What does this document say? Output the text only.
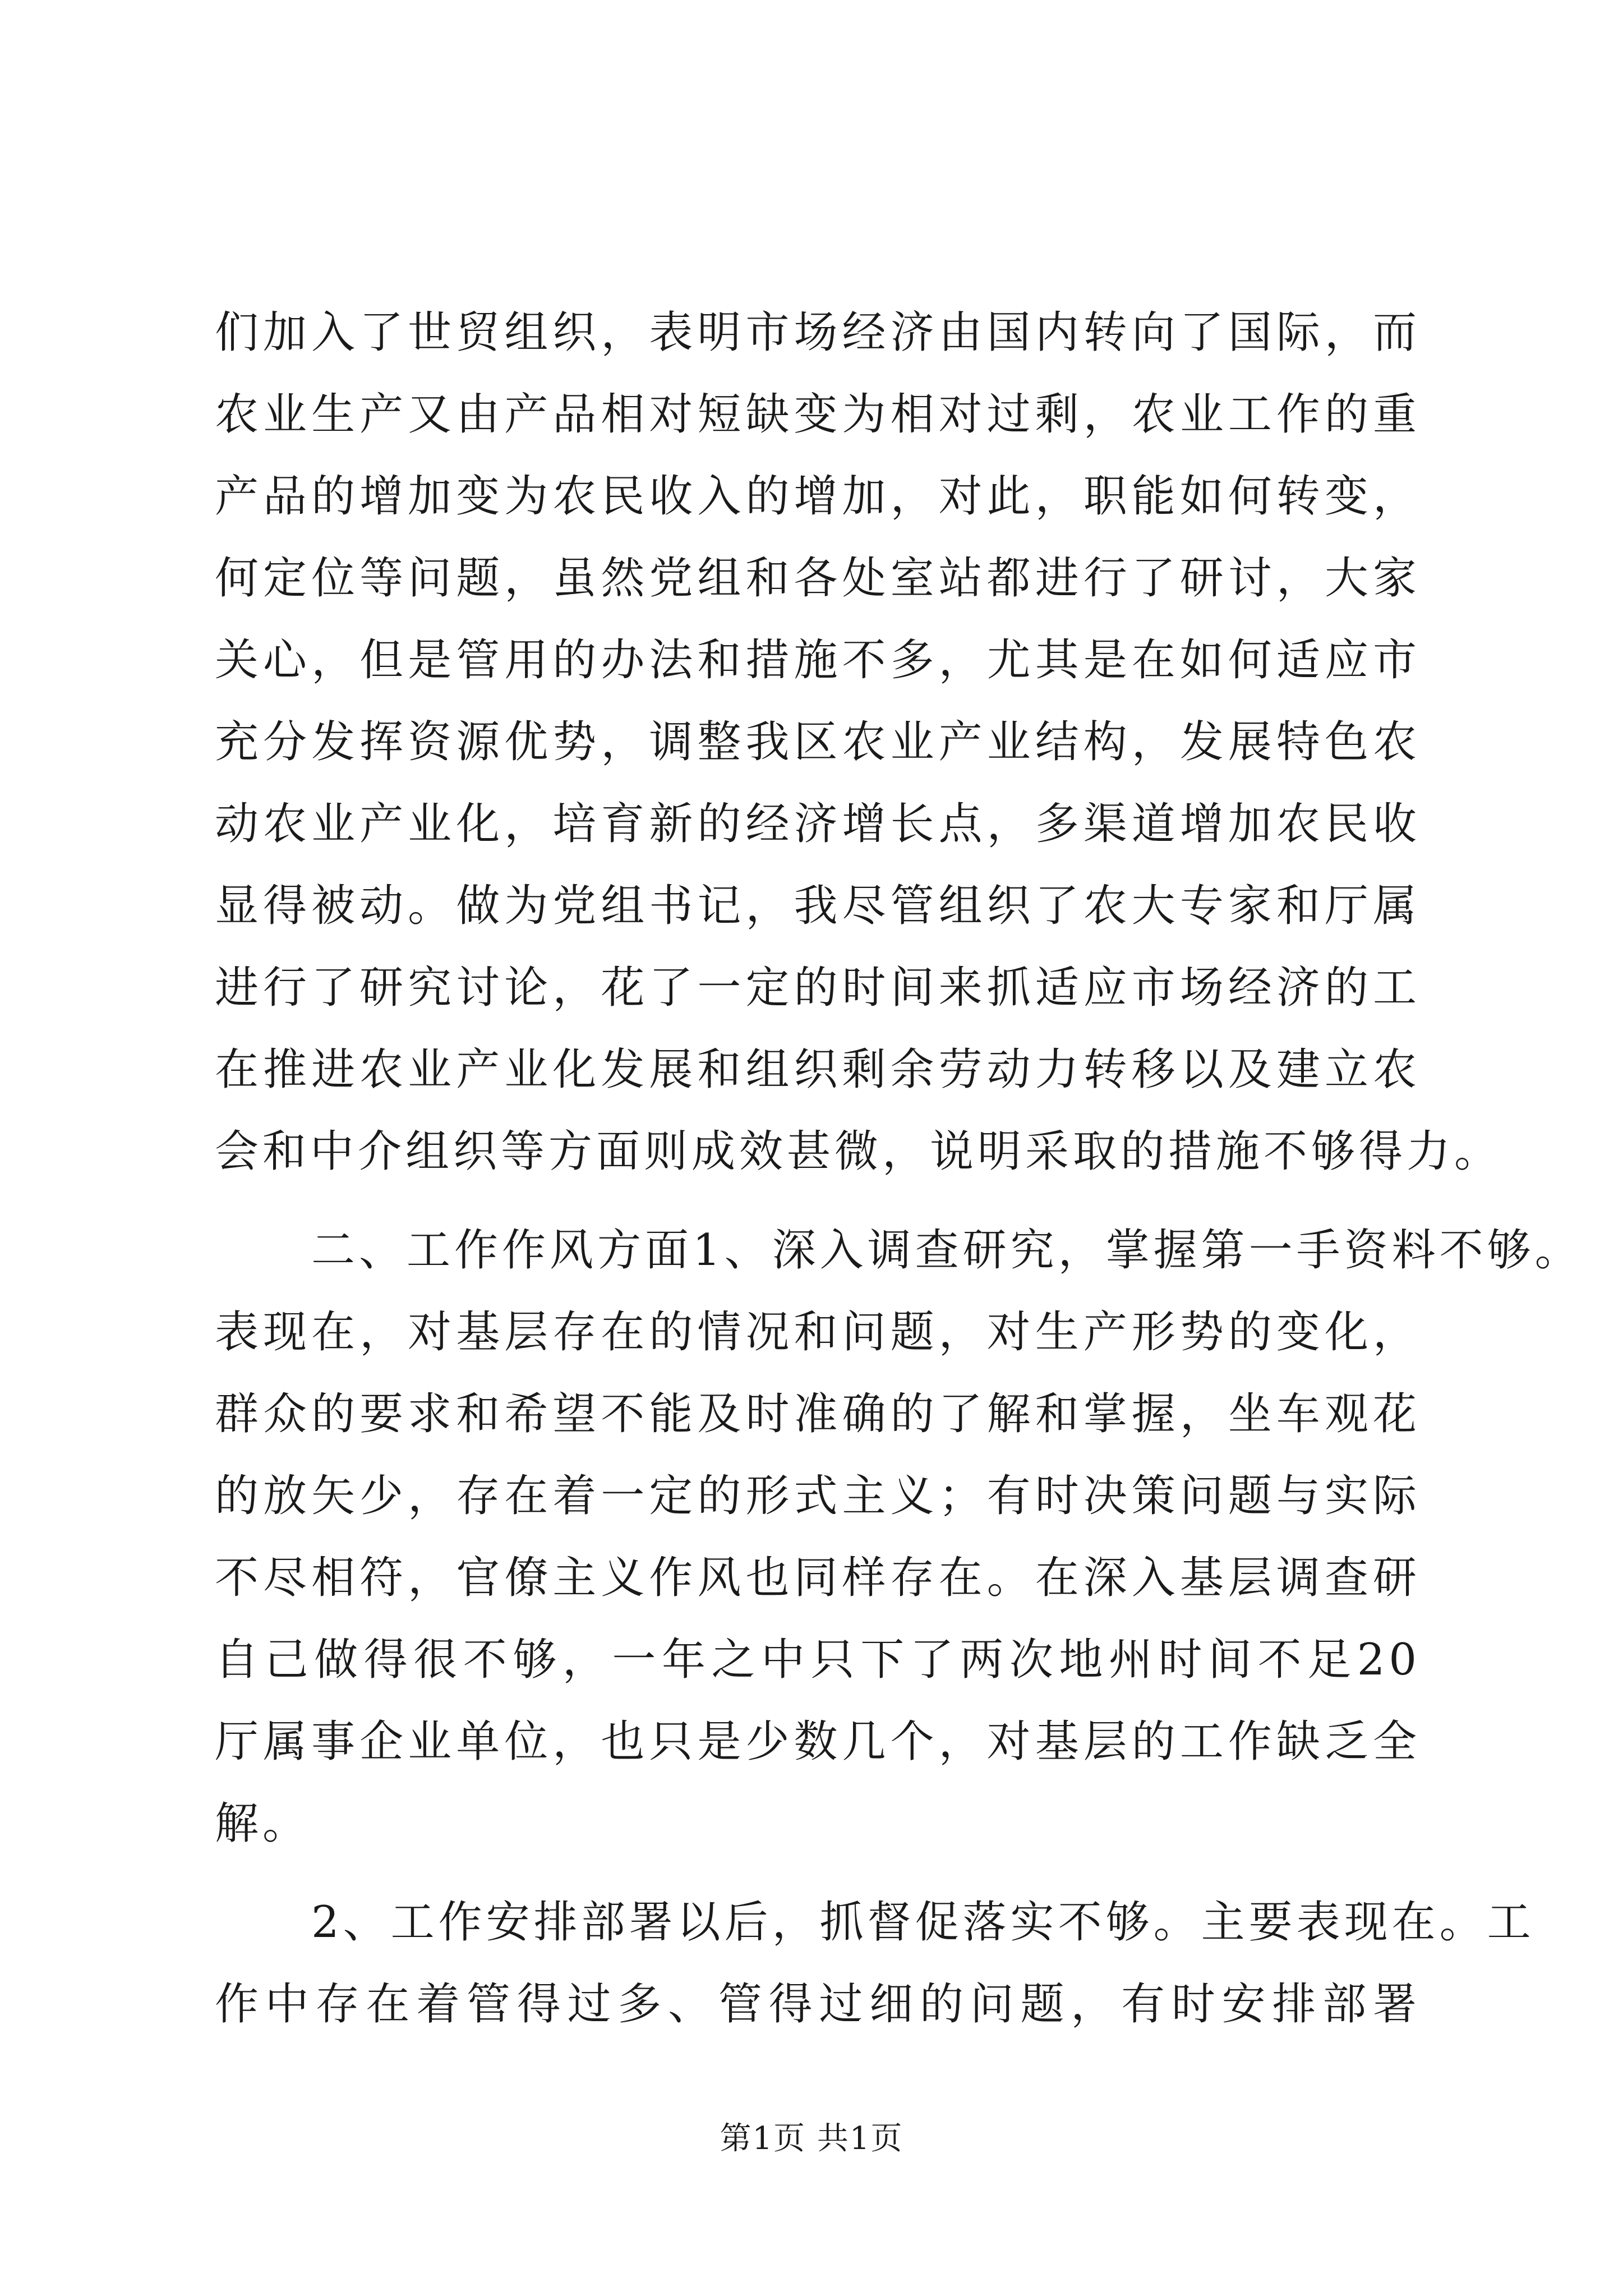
们加入了世贸组织，表明市场经济由国内转向了国际，而
农业生产又由产品相对短缺变为相对过剩，农业工作的重
产品的增加变为农民收入的增加，对此，职能如何转变，
何定位等问题，虽然党组和各处室站都进行了研讨，大家
关心，但是管用的办法和措施不多，尤其是在如何适应市
充分发挥资源优势，调整我区农业产业结构，发展特色农
动农业产业化，培育新的经济增长点，多渠道增加农民收
显得被动。做为党组书记，我尽管组织了农大专家和厅属
进行了研究讨论，花了一定的时间来抓适应市场经济的工
在推进农业产业化发展和组织剩余劳动力转移以及建立农
会和中介组织等方面则成效甚微，说明采取的措施不够得力。
二、工作作风方面1、深入调查研究，掌握第一手资料不够。
表现在，对基层存在的情况和问题，对生产形势的变化，
群众的要求和希望不能及时准确的了解和掌握，坐车观花
的放矢少，存在着一定的形式主义；有时决策问题与实际
不尽相符，官僚主义作风也同样存在。在深入基层调查研
自己做得很不够，一年之中只下了两次地州时间不足20
厅属事企业单位，也只是少数几个，对基层的工作缺乏全
解。
2、工作安排部署以后，抓督促落实不够。主要表现在。工
作中存在着管得过多、管得过细的问题，有时安排部署
第1页 共1页
